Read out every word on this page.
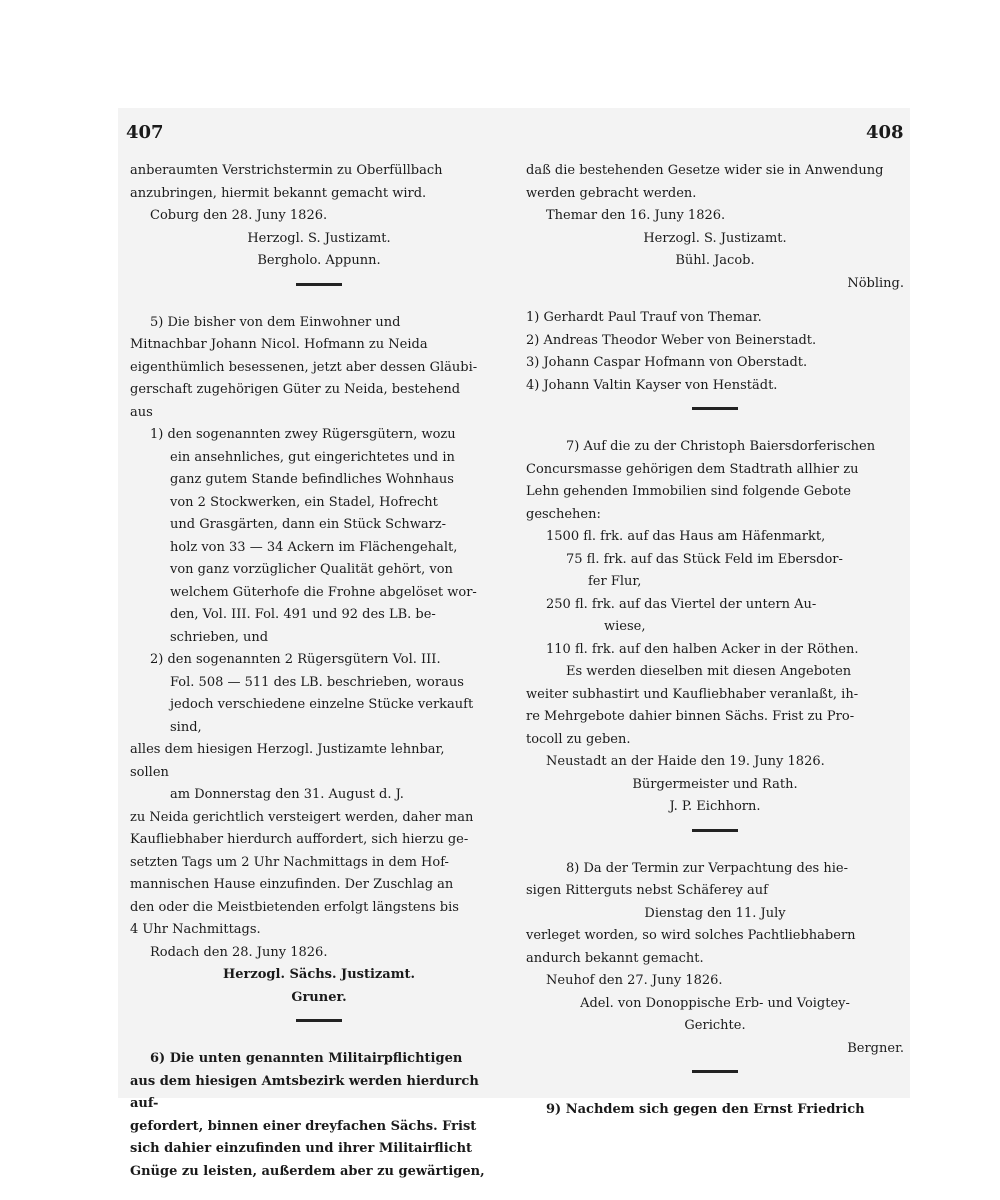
407	408

anberaumten Verstrichstermin zu Oberfüllbach

anzubringen, hiermit bekannt gemacht wird.

Coburg den 28. Juny 1826.

Herzogl. S. Justizamt.

Bergholo. Appunn.

5) Die bisher von dem Einwohner und

Mitnachbar Johann Nicol. Hofmann zu Neida

eigenthümlich besessenen, jetzt aber dessen Gläubi-

gerschaft zugehörigen Güter zu Neida, bestehend

aus

1) den sogenannten zwey Rügersgütern, wozu

ein ansehnliches, gut eingerichtetes und in

ganz gutem Stande befindliches Wohnhaus

von 2 Stockwerken, ein Stadel, Hofrecht

und Grasgärten, dann ein Stück Schwarz-

holz von 33 — 34 Ackern im Flächengehalt,

von ganz vorzüglicher Qualität gehört, von

welchem Güterhofe die Frohne abgelöset wor-

den, Vol. III. Fol. 491 und 92 des LB. be-

schrieben, und

2) den sogenannten 2 Rügersgütern Vol. III.

Fol. 508 — 511 des LB. beschrieben, woraus

jedoch verschiedene einzelne Stücke verkauft

sind,

alles dem hiesigen Herzogl. Justizamte lehnbar,

sollen

am Donnerstag den 31. August d. J.

zu Neida gerichtlich versteigert werden, daher man

Kaufliebhaber hierdurch auffordert, sich hierzu ge-

setzten Tags um 2 Uhr Nachmittags in dem Hof-

mannischen Hause einzufinden. Der Zuschlag an

den oder die Meistbietenden erfolgt längstens bis

4 Uhr Nachmittags.

Rodach den 28. Juny 1826.

Herzogl. Sächs. Justizamt.

Gruner.

6) Die unten genannten Militairpflichtigen

aus dem hiesigen Amtsbezirk werden hierdurch auf-

gefordert, binnen einer dreyfachen Sächs. Frist

sich dahier einzufinden und ihrer Militairflicht

Gnüge zu leisten, außerdem aber zu gewärtigen,

daß die bestehenden Gesetze wider sie in Anwendung

werden gebracht werden.

Themar den 16. Juny 1826.

Herzogl. S. Justizamt.

Bühl. Jacob.

Nöbling.

1) Gerhardt Paul Trauf von Themar.

2) Andreas Theodor Weber von Beinerstadt.

3) Johann Caspar Hofmann von Oberstadt.

4) Johann Valtin Kayser von Henstädt.

7) Auf die zu der Christoph Baiersdorferischen

Concursmasse gehörigen dem Stadtrath allhier zu

Lehn gehenden Immobilien sind folgende Gebote

geschehen:

1500 fl. frk. auf das Haus am Häfenmarkt,

75 fl. frk. auf das Stück Feld im Ebersdor-

fer Flur,

250 fl. frk. auf das Viertel der untern Au-

wiese,

110 fl. frk. auf den halben Acker in der Röthen.

Es werden dieselben mit diesen Angeboten

weiter subhastirt und Kaufliebhaber veranlaßt, ih-

re Mehrgebote dahier binnen Sächs. Frist zu Pro-

tocoll zu geben.

Neustadt an der Haide den 19. Juny 1826.

Bürgermeister und Rath.

J. P. Eichhorn.

8) Da der Termin zur Verpachtung des hie-

sigen Ritterguts nebst Schäferey auf

Dienstag den 11. July

verleget worden, so wird solches Pachtliebhabern

andurch bekannt gemacht.

Neuhof den 27. Juny 1826.

Adel. von Donoppische Erb- und Voigtey-

Gerichte.

Bergner.

9) Nachdem sich gegen den Ernst Friedrich
